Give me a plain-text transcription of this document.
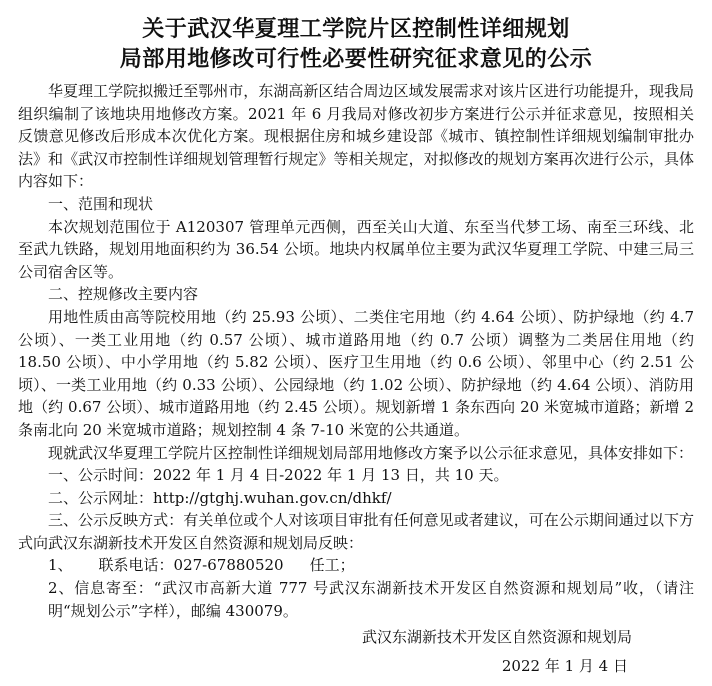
关于武汉华夏理工学院片区控制性详细规划
局部用地修改可行性必要性研究征求意见的公示

华夏理工学院拟搬迁至鄂州市，东湖高新区结合周边区域发展需求对该片区进行功能提升，现我局组织编制了该地块用地修改方案。2021 年 6 月我局对修改初步方案进行公示并征求意见，按照相关反馈意见修改后形成本次优化方案。现根据住房和城乡建设部《城市、镇控制性详细规划编制审批办法》和《武汉市控制性详细规划管理暂行规定》等相关规定，对拟修改的规划方案再次进行公示，具体内容如下：

一、范围和现状

本次规划范围位于 A120307 管理单元西侧，西至关山大道、东至当代梦工场、南至三环线、北至武九铁路，规划用地面积约为 36.54 公顷。地块内权属单位主要为武汉华夏理工学院、中建三局三公司宿舍区等。

二、控规修改主要内容

用地性质由高等院校用地（约 25.93 公顷）、二类住宅用地（约 4.64 公顷）、防护绿地（约 4.7 公顷）、一类工业用地（约 0.57 公顷）、城市道路用地（约 0.7 公顷）调整为二类居住用地（约 18.50 公顷）、中小学用地（约 5.82 公顷）、医疗卫生用地（约 0.6 公顷）、邻里中心（约 2.51 公顷）、一类工业用地（约 0.33 公顷）、公园绿地（约 1.02 公顷）、防护绿地（约 4.64 公顷）、消防用地（约 0.67 公顷）、城市道路用地（约 2.45 公顷）。规划新增 1 条东西向 20 米宽城市道路；新增 2 条南北向 20 米宽城市道路；规划控制 4 条 7-10 米宽的公共通道。

现就武汉华夏理工学院片区控制性详细规划局部用地修改方案予以公示征求意见，具体安排如下：

一、公示时间：2022 年 1 月 4 日-2022 年 1 月 13 日，共 10 天。

二、公示网址：http://gtghj.wuhan.gov.cn/dhkf/

三、公示反映方式：有关单位或个人对该项目审批有任何意见或者建议，可在公示期间通过以下方式向武汉东湖新技术开发区自然资源和规划局反映：

1、 联系电话：027-67880520 任工；

2、信息寄至：“武汉市高新大道 777 号武汉东湖新技术开发区自然资源和规划局”收，（请注明“规划公示”字样），邮编 430079。

武汉东湖新技术开发区自然资源和规划局
2022 年 1 月 4 日
